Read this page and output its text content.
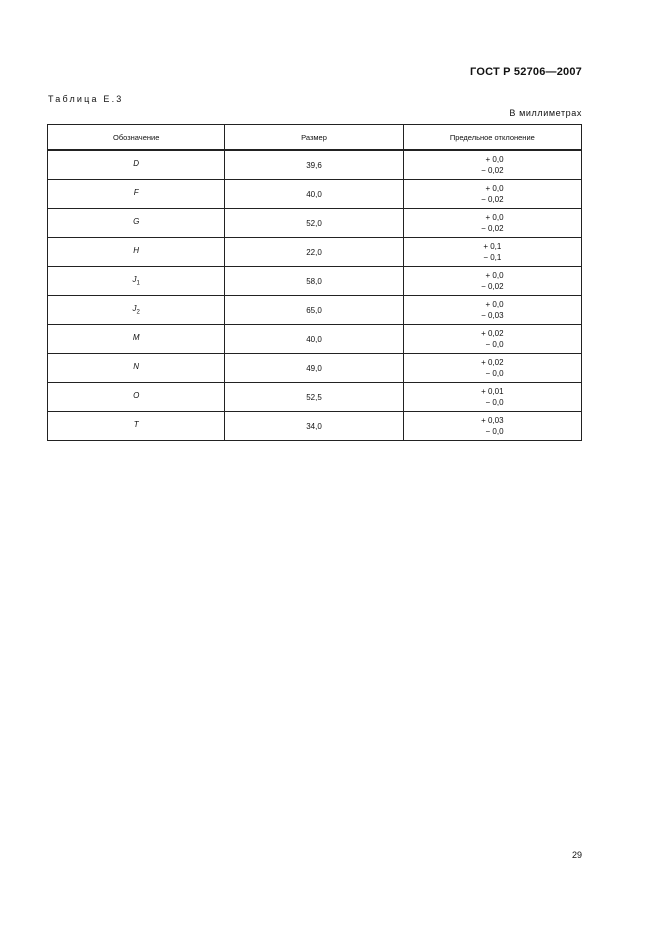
ГОСТ Р 52706—2007
Таблица Е.3
В миллиметрах
Обозначение	Размер	Предельное отклонение
D	39,6	+ 0,0
− 0,02

F	40,0	+ 0,0
− 0,02

G	52,0	+ 0,0
− 0,02

H	22,0	+ 0,1
− 0,1

$J_1$	58,0	+ 0,0
− 0,02

$J_2$	65,0	+ 0,0
− 0,03

M	40,0	+ 0,02
− 0,0

N	49,0	+ 0,02
− 0,0

O	52,5	+ 0,01
− 0,0

T	34,0	+ 0,03
− 0,0
29
